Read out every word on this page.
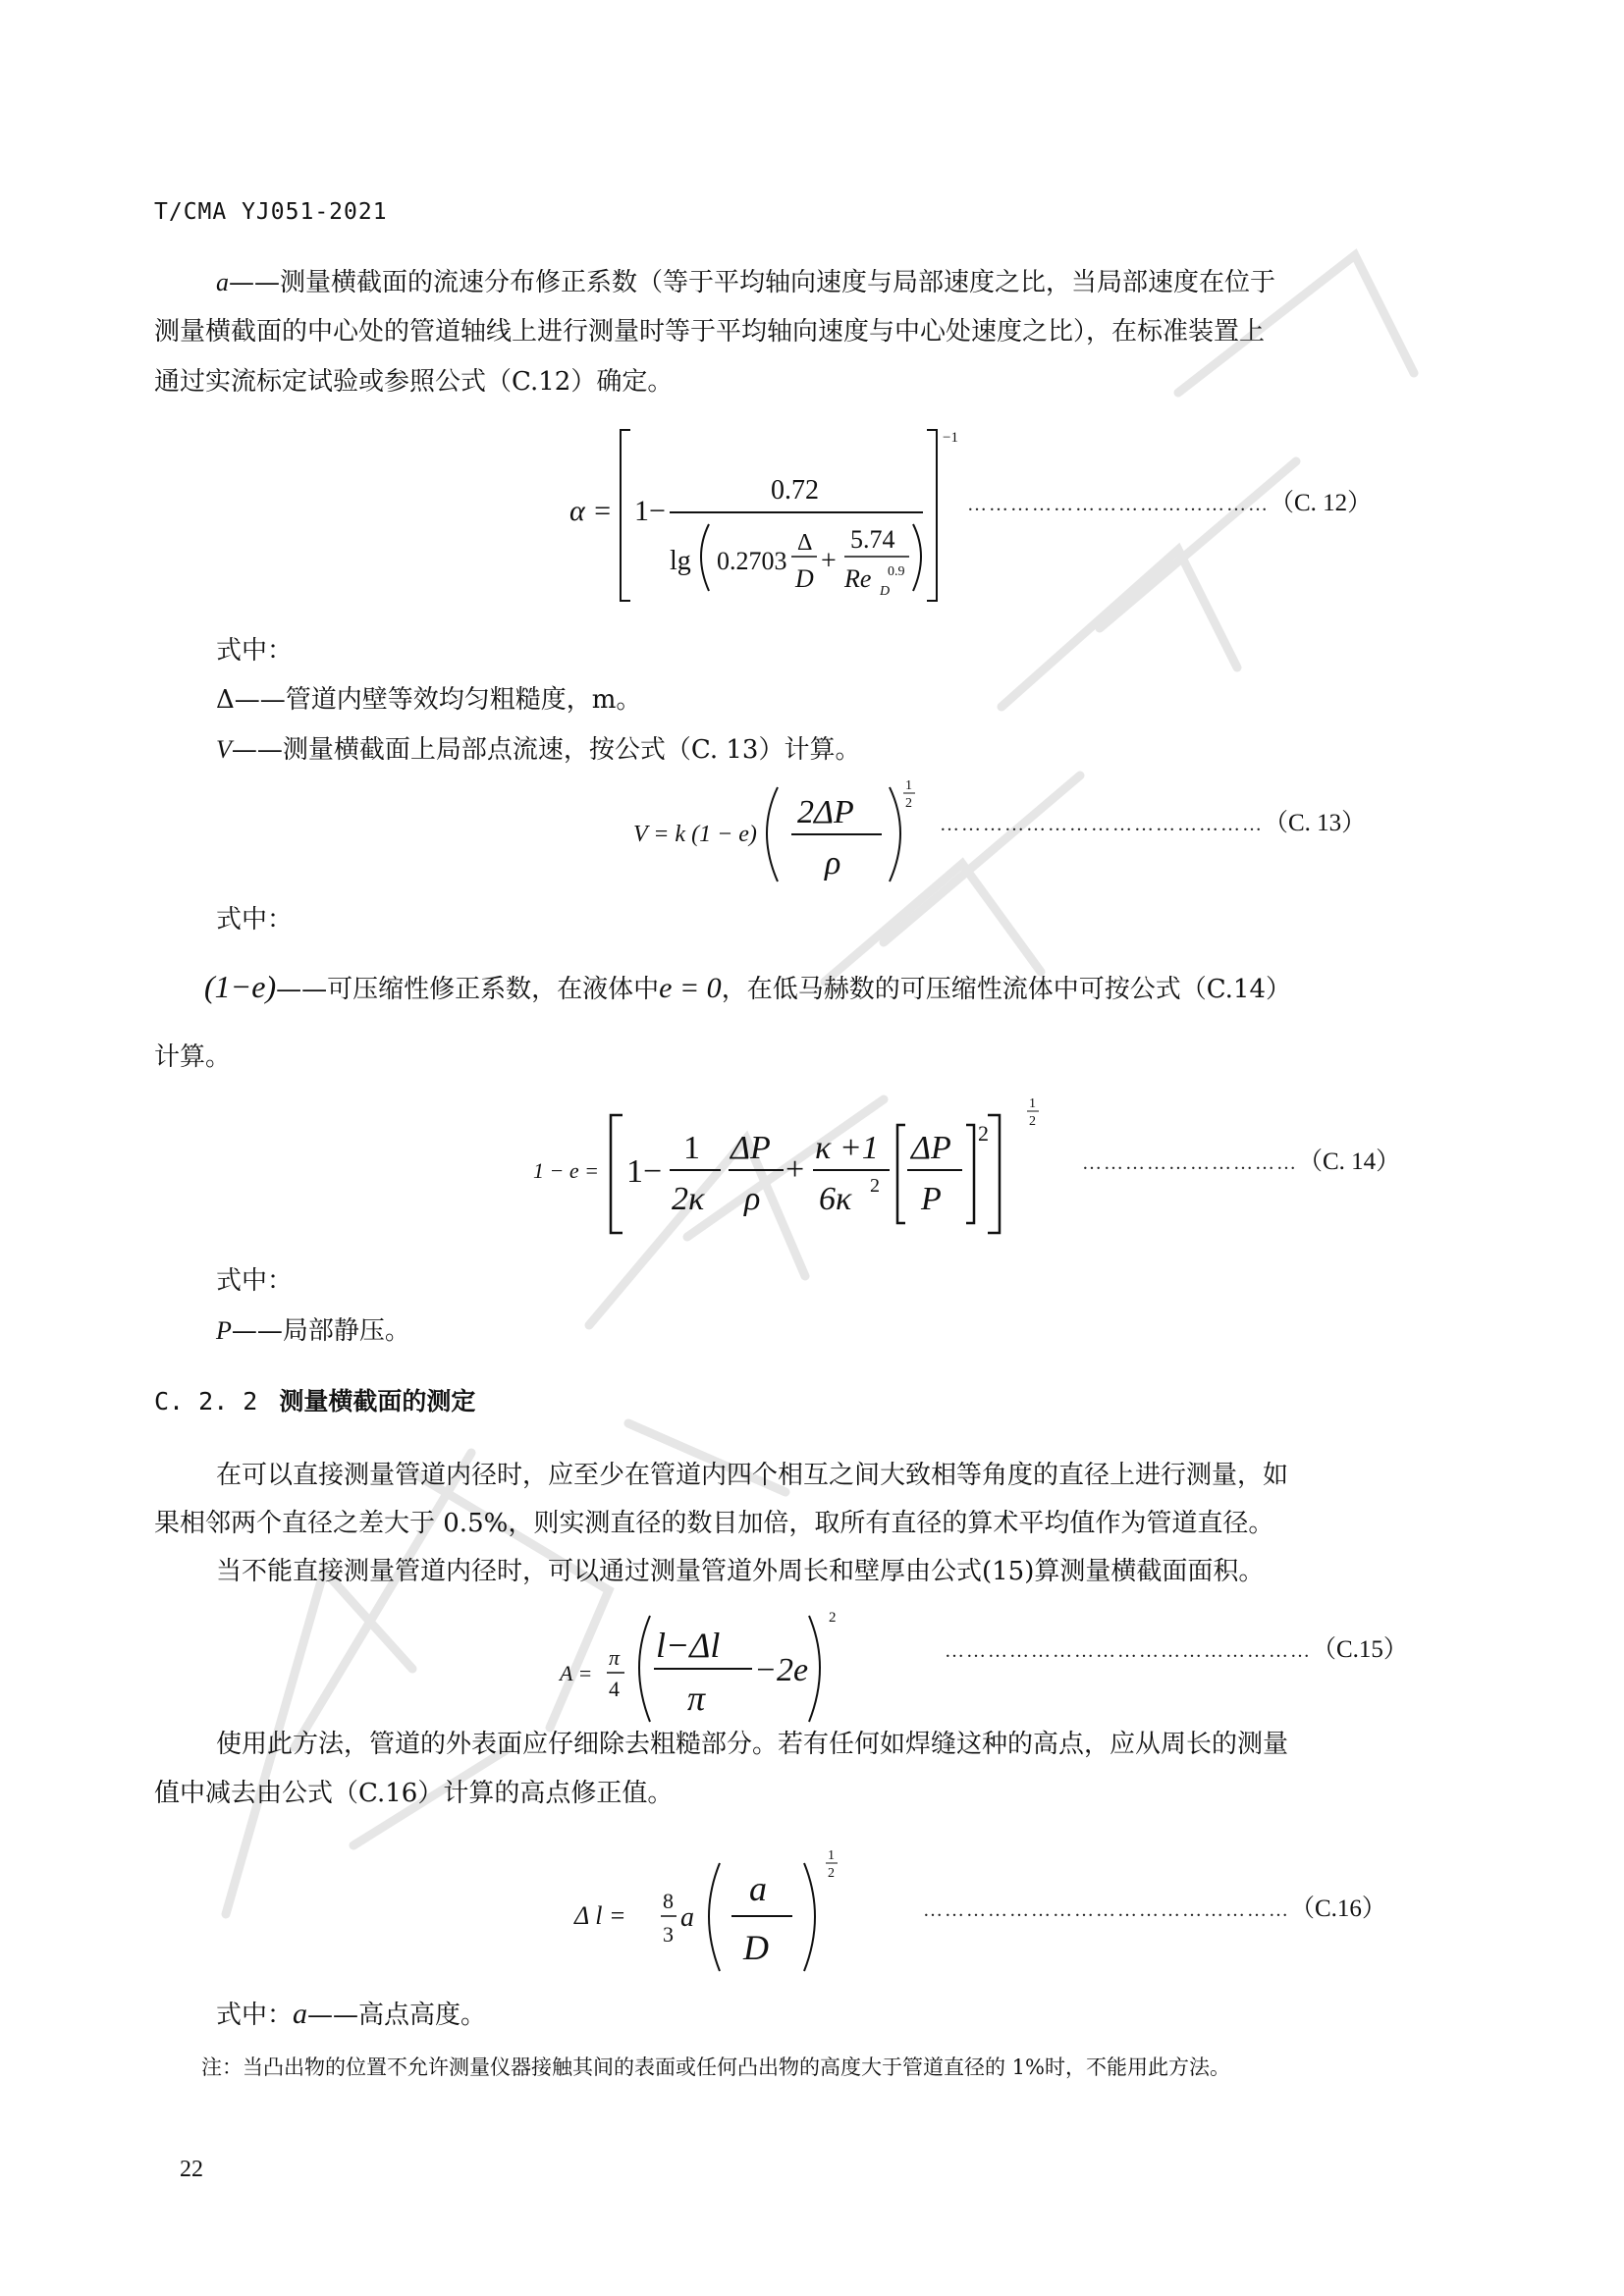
T/CMA YJ051-2021
a——测量横截面的流速分布修正系数（等于平均轴向速度与局部速度之比，当局部速度在位于
测量横截面的中心处的管道轴线上进行测量时等于平均轴向速度与中心处速度之比），在标准装置上
通过实流标定试验或参照公式（C.12）确定。
α = 1−
0.72
lg 0.2703
Δ
D
+
5.74
Re D
0.9
−1
……………………………………（C. 12）
式中：
Δ——管道内壁等效均匀粗糙度，m。
V——测量横截面上局部点流速，按公式（C. 13）计算。
V = k (1 − e)
2ΔP
ρ
1
2
………………………………………（C. 13）
式中：
(1−e)——可压缩性修正系数，在液体中e = 0，在低马赫数的可压缩性流体中可按公式（C.14）
计算。
1 − e = 1−
1
2κ
ΔP
ρ
+
κ +1
6κ 2
ΔP
P
2
1
2
…………………………（C. 14）
式中：
P——局部静压。
C. 2. 2 测量横截面的测定
在可以直接测量管道内径时，应至少在管道内四个相互之间大致相等角度的直径上进行测量，如
果相邻两个直径之差大于 0.5%，则实测直径的数目加倍，取所有直径的算术平均值作为管道直径。
当不能直接测量管道内径时，可以通过测量管道外周长和壁厚由公式(15)算测量横截面面积。
A =
π
4
l−Δl
π
−2e
2
……………………………………………（C.15）
使用此方法，管道的外表面应仔细除去粗糙部分。若有任何如焊缝这种的高点，应从周长的测量
值中减去由公式（C.16）计算的高点修正值。
Δ l =
8
3
a
a
D
1
2
……………………………………………（C.16）
式中：a——高点高度。
注：当凸出物的位置不允许测量仪器接触其间的表面或任何凸出物的高度大于管道直径的 1%时，不能用此方法。
22
